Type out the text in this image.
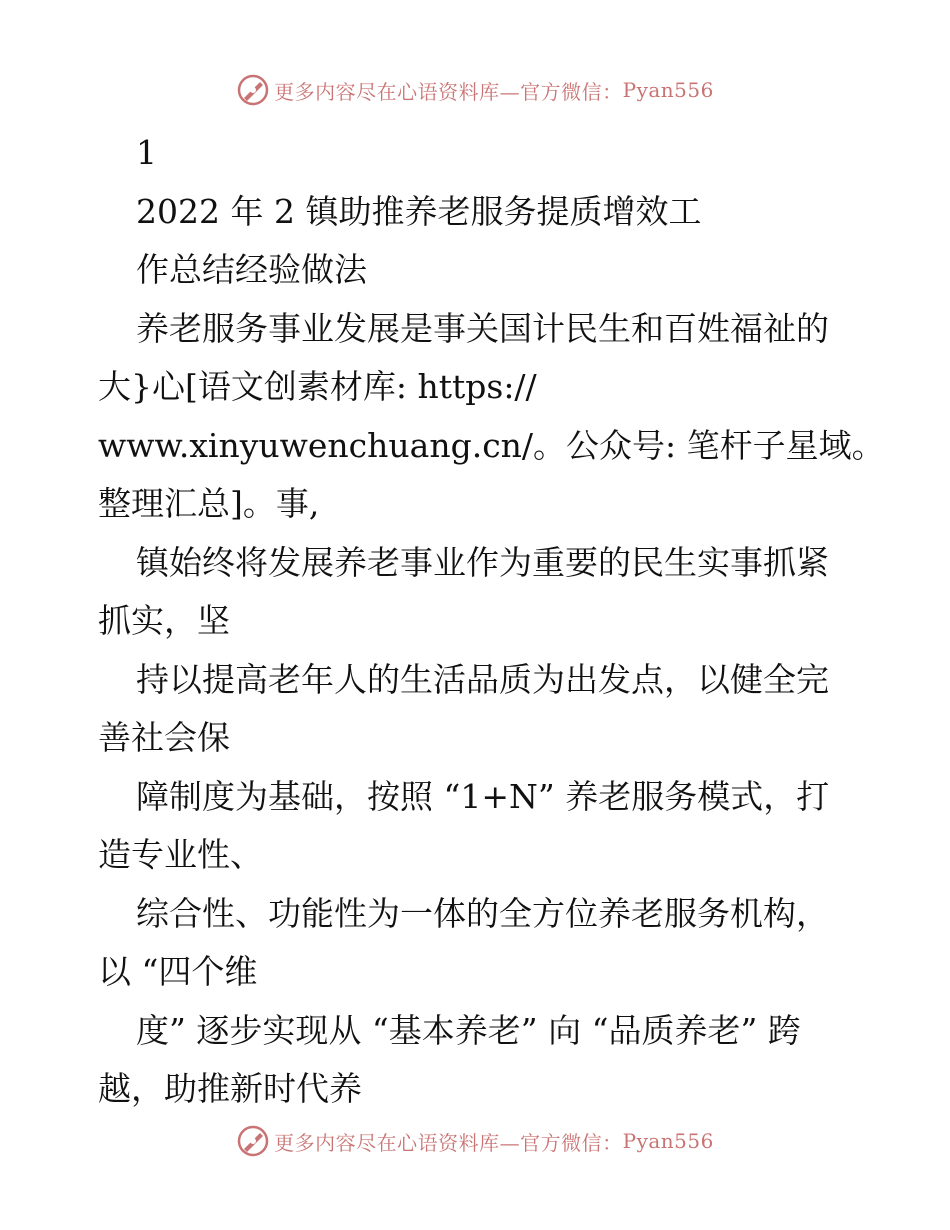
更多内容尽在心语资料库—官方微信： Pyan556
1
2022 年 2 镇助推养老服务提质增效工
作总结经验做法
养老服务事业发展是事关国计民生和百姓福祉的
大}心[语文创素材库: https://
www.xinyuwenchuang.cn/。公众号: 笔杆子星域。
整理汇总]。事,
镇始终将发展养老事业作为重要的民生实事抓紧
抓实，坚
持以提高老年人的生活品质为出发点，以健全完
善社会保
障制度为基础，按照 “1+N” 养老服务模式，打
造专业性、
综合性、功能性为一体的全方位养老服务机构，
以 “四个维
度” 逐步实现从 “基本养老” 向 “品质养老” 跨
越，助推新时代养
更多内容尽在心语资料库—官方微信： Pyan556
